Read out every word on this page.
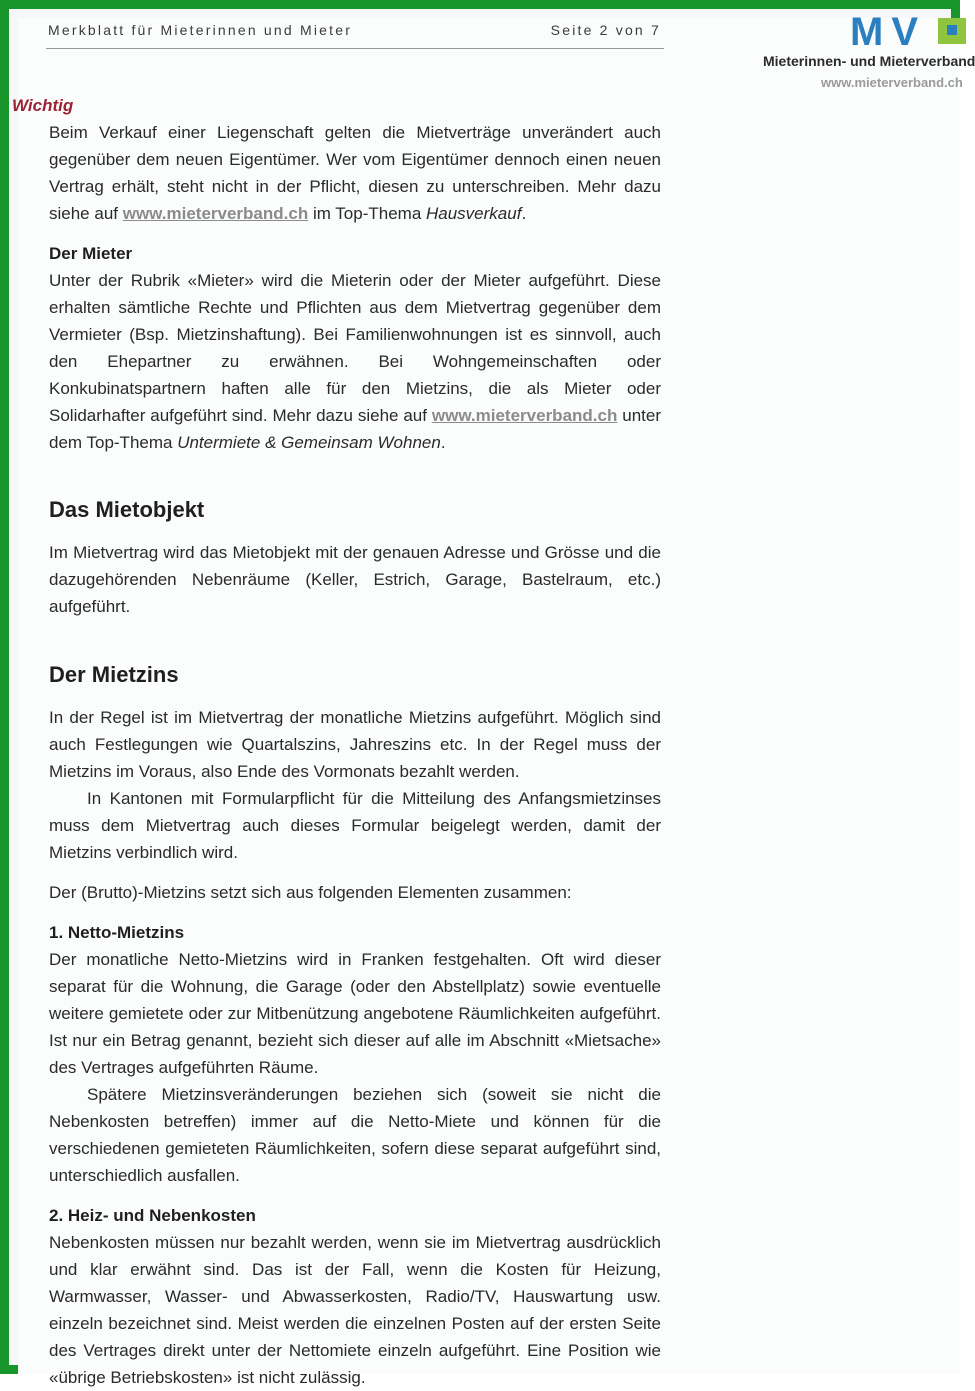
Merkblatt für Mieterinnen und Mieter	Seite 2 von 7	MV
Mieterinnen- und Mieterverband
www.mieterverband.ch
Wichtig

Beim Verkauf einer Liegenschaft gelten die Mietverträge unverändert auch gegenüber dem neuen Eigentümer. Wer vom Eigentümer dennoch einen neuen Vertrag erhält, steht nicht in der Pflicht, diesen zu unterschreiben. Mehr dazu siehe auf www.mieterverband.ch im Top-Thema Hausverkauf.

Der Mieter

Unter der Rubrik «Mieter» wird die Mieterin oder der Mieter aufgeführt. Diese erhalten sämtliche Rechte und Pflichten aus dem Mietvertrag gegenüber dem Vermieter (Bsp. Mietzinshaftung). Bei Familienwohnungen ist es sinnvoll, auch den Ehepartner zu erwähnen. Bei Wohngemeinschaften oder Konkubinatspartnern haften alle für den Mietzins, die als Mieter oder Solidarhafter aufgeführt sind. Mehr dazu siehe auf www.mieterverband.ch unter dem Top-Thema Untermiete & Gemeinsam Wohnen.

Das Mietobjekt

Im Mietvertrag wird das Mietobjekt mit der genauen Adresse und Grösse und die dazugehörenden Nebenräume (Keller, Estrich, Garage, Bastelraum, etc.) aufgeführt.

Der Mietzins

In der Regel ist im Mietvertrag der monatliche Mietzins aufgeführt. Möglich sind auch Festlegungen wie Quartalszins, Jahreszins etc. In der Regel muss der Mietzins im Voraus, also Ende des Vormonats bezahlt werden.

In Kantonen mit Formularpflicht für die Mitteilung des Anfangsmietzinses muss dem Mietvertrag auch dieses Formular beigelegt werden, damit der Mietzins verbindlich wird.

Der (Brutto)-Mietzins setzt sich aus folgenden Elementen zusammen:

1. Netto-Mietzins

Der monatliche Netto-Mietzins wird in Franken festgehalten. Oft wird dieser separat für die Wohnung, die Garage (oder den Abstellplatz) sowie eventuelle weitere gemietete oder zur Mitbenützung angebotene Räumlichkeiten aufgeführt. Ist nur ein Betrag genannt, bezieht sich dieser auf alle im Abschnitt «Mietsache» des Vertrages aufgeführten Räume.

Spätere Mietzinsveränderungen beziehen sich (soweit sie nicht die Nebenkosten betreffen) immer auf die Netto-Miete und können für die verschiedenen gemieteten Räumlichkeiten, sofern diese separat aufgeführt sind, unterschiedlich ausfallen.

2. Heiz- und Nebenkosten

Nebenkosten müssen nur bezahlt werden, wenn sie im Mietvertrag ausdrücklich und klar erwähnt sind. Das ist der Fall, wenn die Kosten für Heizung, Warmwasser, Wasser- und Abwasserkosten, Radio/TV, Hauswartung usw. einzeln bezeichnet sind. Meist werden die einzelnen Posten auf der ersten Seite des Vertrages direkt unter der Nettomiete einzeln aufgeführt. Eine Position wie «übrige Betriebskosten» ist nicht zulässig.
